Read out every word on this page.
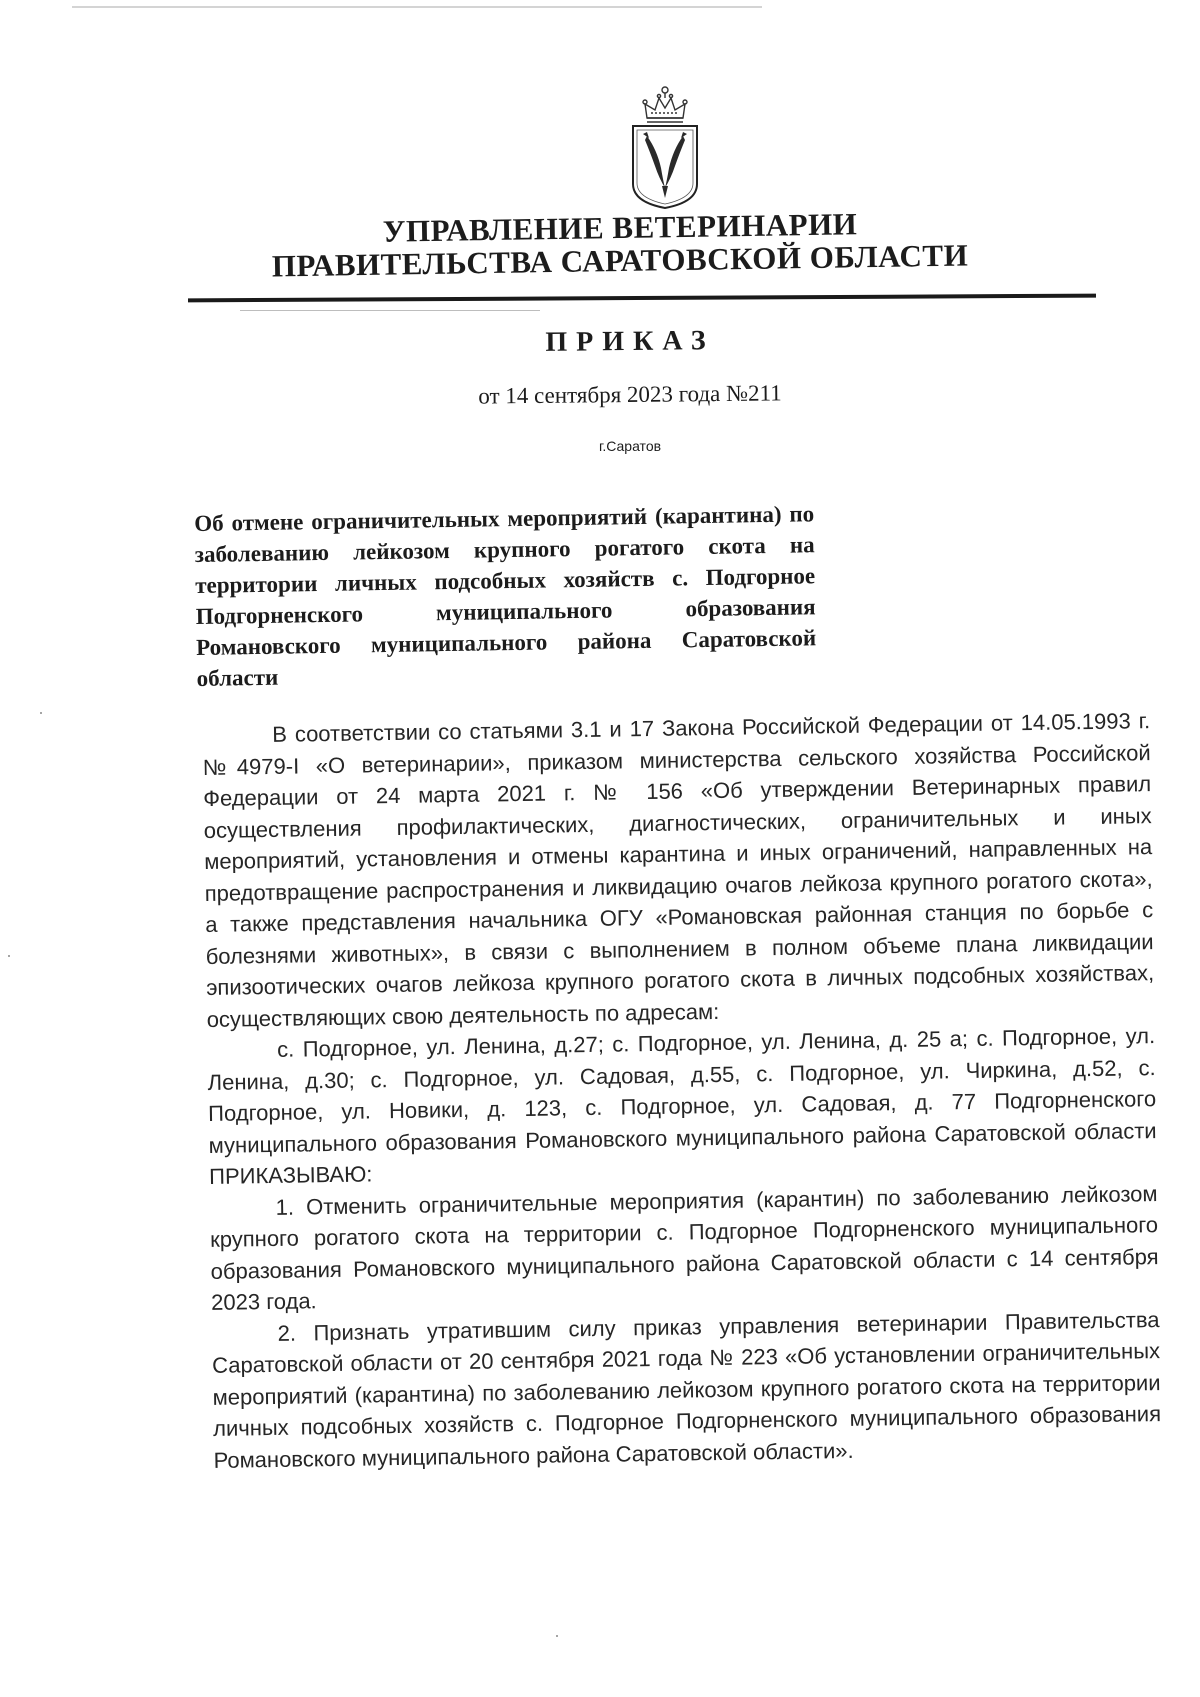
УПРАВЛЕНИЕ ВЕТЕРИНАРИИ
ПРАВИТЕЛЬСТВА САРАТОВСКОЙ ОБЛАСТИ
ПРИКАЗ
от 14 сентября 2023 года №211
г.Саратов

Об отмене ограничительных мероприятий (карантина) по заболеванию лейкозом крупного рогатого скота на территории личных подсобных хозяйств с. Подгорное Подгорненского муниципального образования Романовского муниципального района Саратовской области

В соответствии со статьями 3.1 и 17 Закона Российской Федерации от 14.05.1993 г. №4979-I «О ветеринарии», приказом министерства сельского хозяйства Российской Федерации от 24 марта 2021 г. № 156 «Об утверждении Ветеринарных правил осуществления профилактических, диагностических, ограничительных и иных мероприятий, установления и отмены карантина и иных ограничений, направленных на предотвращение распространения и ликвидацию очагов лейкоза крупного рогатого скота», а также представления начальника ОГУ «Романовская районная станция по борьбе с болезнями животных», в связи с выполнением в полном объеме плана ликвидации эпизоотических очагов лейкоза крупного рогатого скота в личных подсобных хозяйствах, осуществляющих свою деятельность по адресам:

с. Подгорное, ул. Ленина, д.27; с. Подгорное, ул. Ленина, д. 25 а; с. Подгорное, ул. Ленина, д.30; с. Подгорное, ул. Садовая, д.55, с. Подгорное, ул. Чиркина, д.52, с. Подгорное, ул. Новики, д. 123, с. Подгорное, ул. Садовая, д. 77 Подгорненского муниципального образования Романовского муниципального района Саратовской области ПРИКАЗЫВАЮ:

1. Отменить ограничительные мероприятия (карантин) по заболеванию лейкозом крупного рогатого скота на территории с. Подгорное Подгорненского муниципального образования Романовского муниципального района Саратовской области с 14 сентября 2023 года.

2. Признать утратившим силу приказ управления ветеринарии Правительства Саратовской области от 20 сентября 2021 года № 223 «Об установлении ограничительных мероприятий (карантина) по заболеванию лейкозом крупного рогатого скота на территории личных подсобных хозяйств с. Подгорное Подгорненского муниципального образования Романовского муниципального района Саратовской области».
